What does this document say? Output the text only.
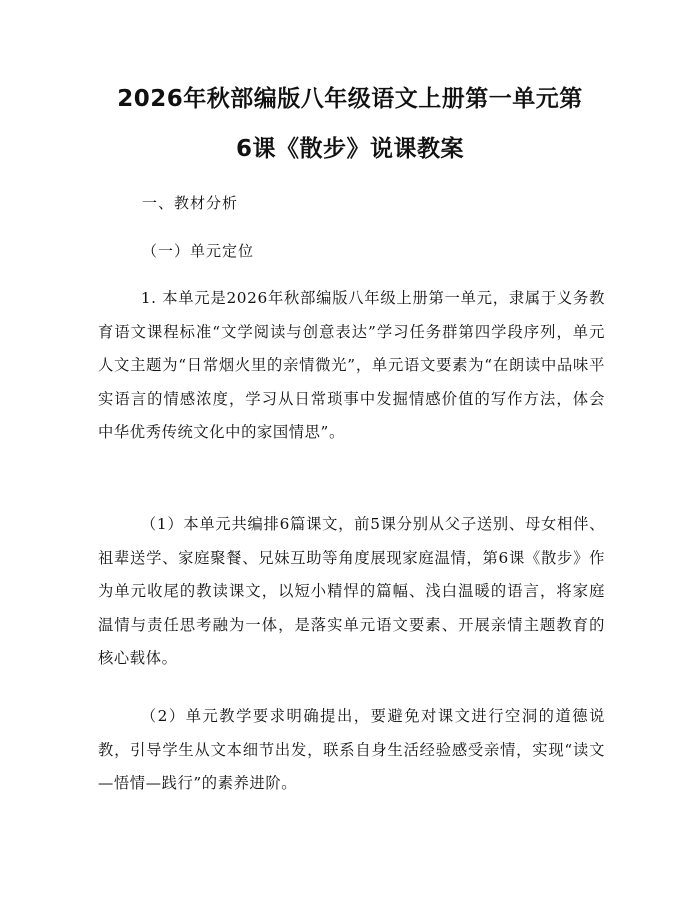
2026年秋部编版八年级语文上册第一单元第
6课《散步》说课教案

一、教材分析

（一）单元定位

1. 本单元是2026年秋部编版八年级上册第一单元，隶属于义务教育语文课程标准“文学阅读与创意表达”学习任务群第四学段序列，单元人文主题为“日常烟火里的亲情微光”，单元语文要素为“在朗读中品味平实语言的情感浓度，学习从日常琐事中发掘情感价值的写作方法，体会中华优秀传统文化中的家国情思”。

（1）本单元共编排6篇课文，前5课分别从父子送别、母女相伴、祖辈送学、家庭聚餐、兄妹互助等角度展现家庭温情，第6课《散步》作为单元收尾的教读课文，以短小精悍的篇幅、浅白温暖的语言，将家庭温情与责任思考融为一体，是落实单元语文要素、开展亲情主题教育的核心载体。

（2）单元教学要求明确提出，要避免对课文进行空洞的道德说教，引导学生从文本细节出发，联系自身生活经验感受亲情，实现“读文—悟情—践行”的素养进阶。
